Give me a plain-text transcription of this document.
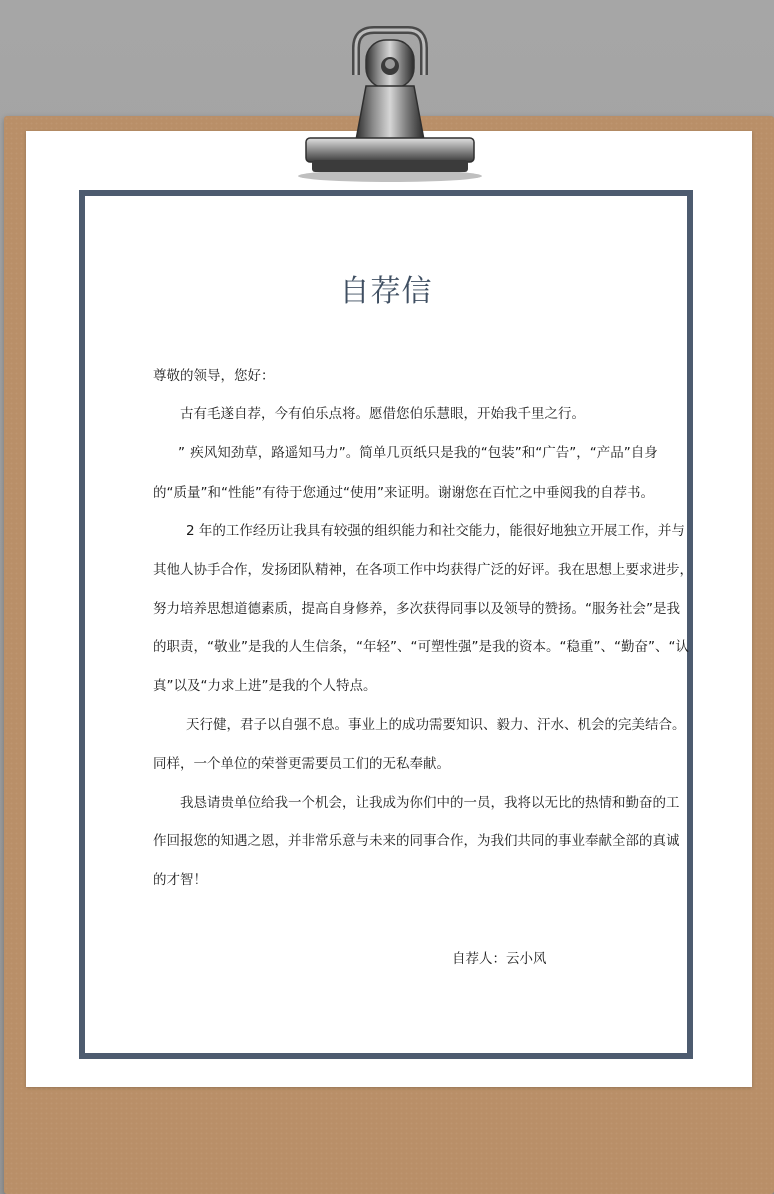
自荐信

尊敬的领导，您好：

古有毛遂自荐，今有伯乐点将。愿借您伯乐慧眼，开始我千里之行。

” 疾风知劲草，路遥知马力”。简单几页纸只是我的“包装”和“广告”，“产品”自身

的“质量”和“性能”有待于您通过“使用”来证明。谢谢您在百忙之中垂阅我的自荐书。

2 年的工作经历让我具有较强的组织能力和社交能力，能很好地独立开展工作，并与

其他人协手合作，发扬团队精神，在各项工作中均获得广泛的好评。我在思想上要求进步，

努力培养思想道德素质，提高自身修养，多次获得同事以及领导的赞扬。“服务社会”是我

的职责，“敬业”是我的人生信条，“年轻”、“可塑性强”是我的资本。“稳重”、“勤奋”、“认

真”以及“力求上进”是我的个人特点。

天行健，君子以自强不息。事业上的成功需要知识、毅力、汗水、机会的完美结合。

同样，一个单位的荣誉更需要员工们的无私奉献。

我恳请贵单位给我一个机会，让我成为你们中的一员，我将以无比的热情和勤奋的工

作回报您的知遇之恩，并非常乐意与未来的同事合作，为我们共同的事业奉献全部的真诚

的才智！

自荐人：云小风
